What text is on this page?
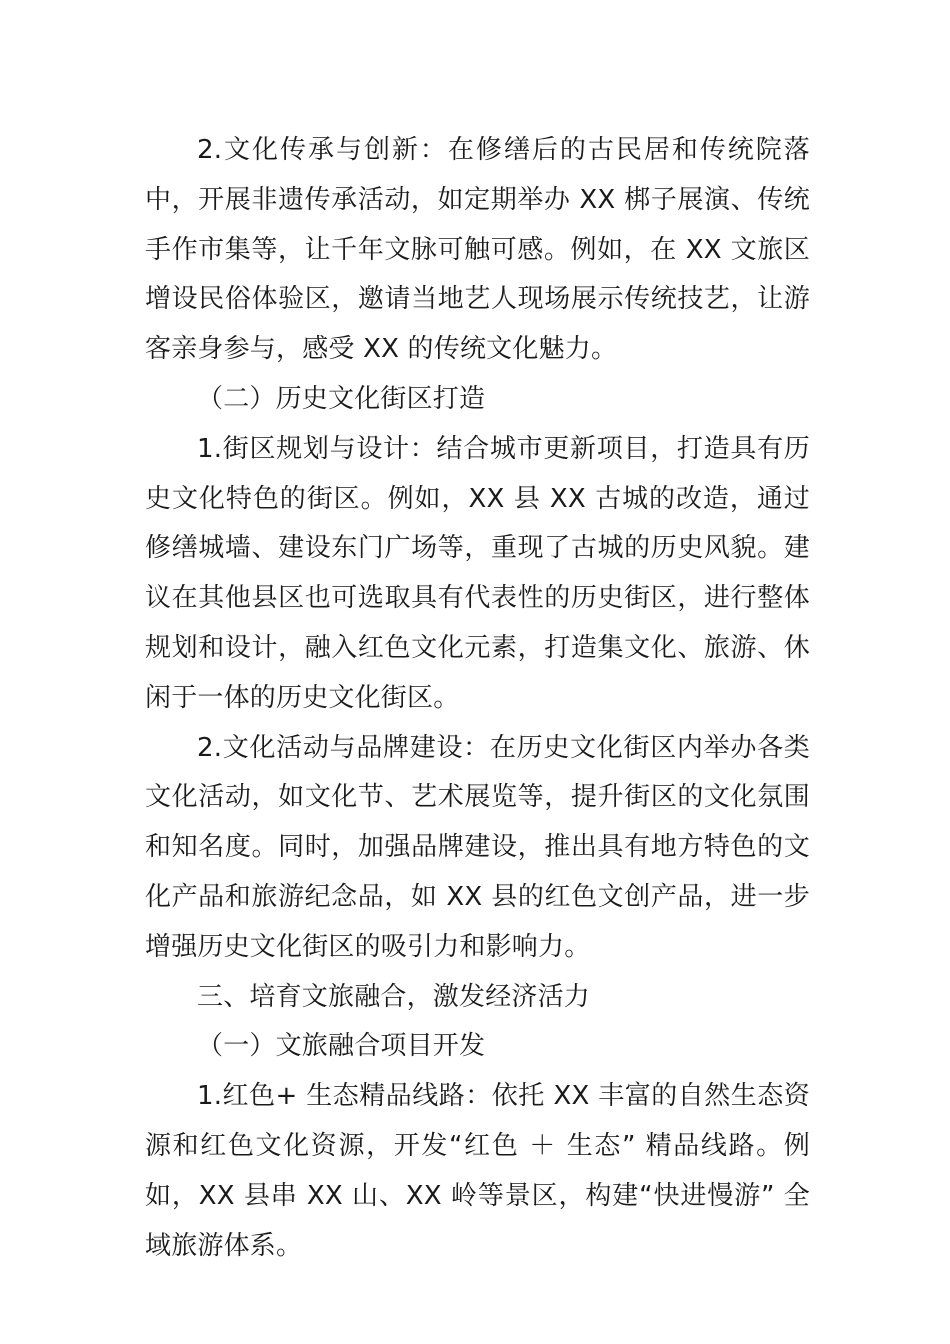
2.文化传承与创新：在修缮后的古民居和传统院落中，开展非遗传承活动，如定期举办 XX 梆子展演、传统手作市集等，让千年文脉可触可感。例如，在 XX 文旅区增设民俗体验区，邀请当地艺人现场展示传统技艺，让游客亲身参与，感受 XX 的传统文化魅力。

（二）历史文化街区打造

1.街区规划与设计：结合城市更新项目，打造具有历史文化特色的街区。例如，XX 县 XX 古城的改造，通过修缮城墙、建设东门广场等，重现了古城的历史风貌。建议在其他县区也可选取具有代表性的历史街区，进行整体规划和设计，融入红色文化元素，打造集文化、旅游、休闲于一体的历史文化街区。

2.文化活动与品牌建设：在历史文化街区内举办各类文化活动，如文化节、艺术展览等，提升街区的文化氛围和知名度。同时，加强品牌建设，推出具有地方特色的文化产品和旅游纪念品，如 XX 县的红色文创产品，进一步增强历史文化街区的吸引力和影响力。

三、培育文旅融合，激发经济活力

（一）文旅融合项目开发

1.红色+ 生态精品线路：依托 XX 丰富的自然生态资源和红色文化资源，开发“红色 ＋ 生态” 精品线路。例如，XX 县串 XX 山、XX 岭等景区，构建“快进慢游” 全域旅游体系。
